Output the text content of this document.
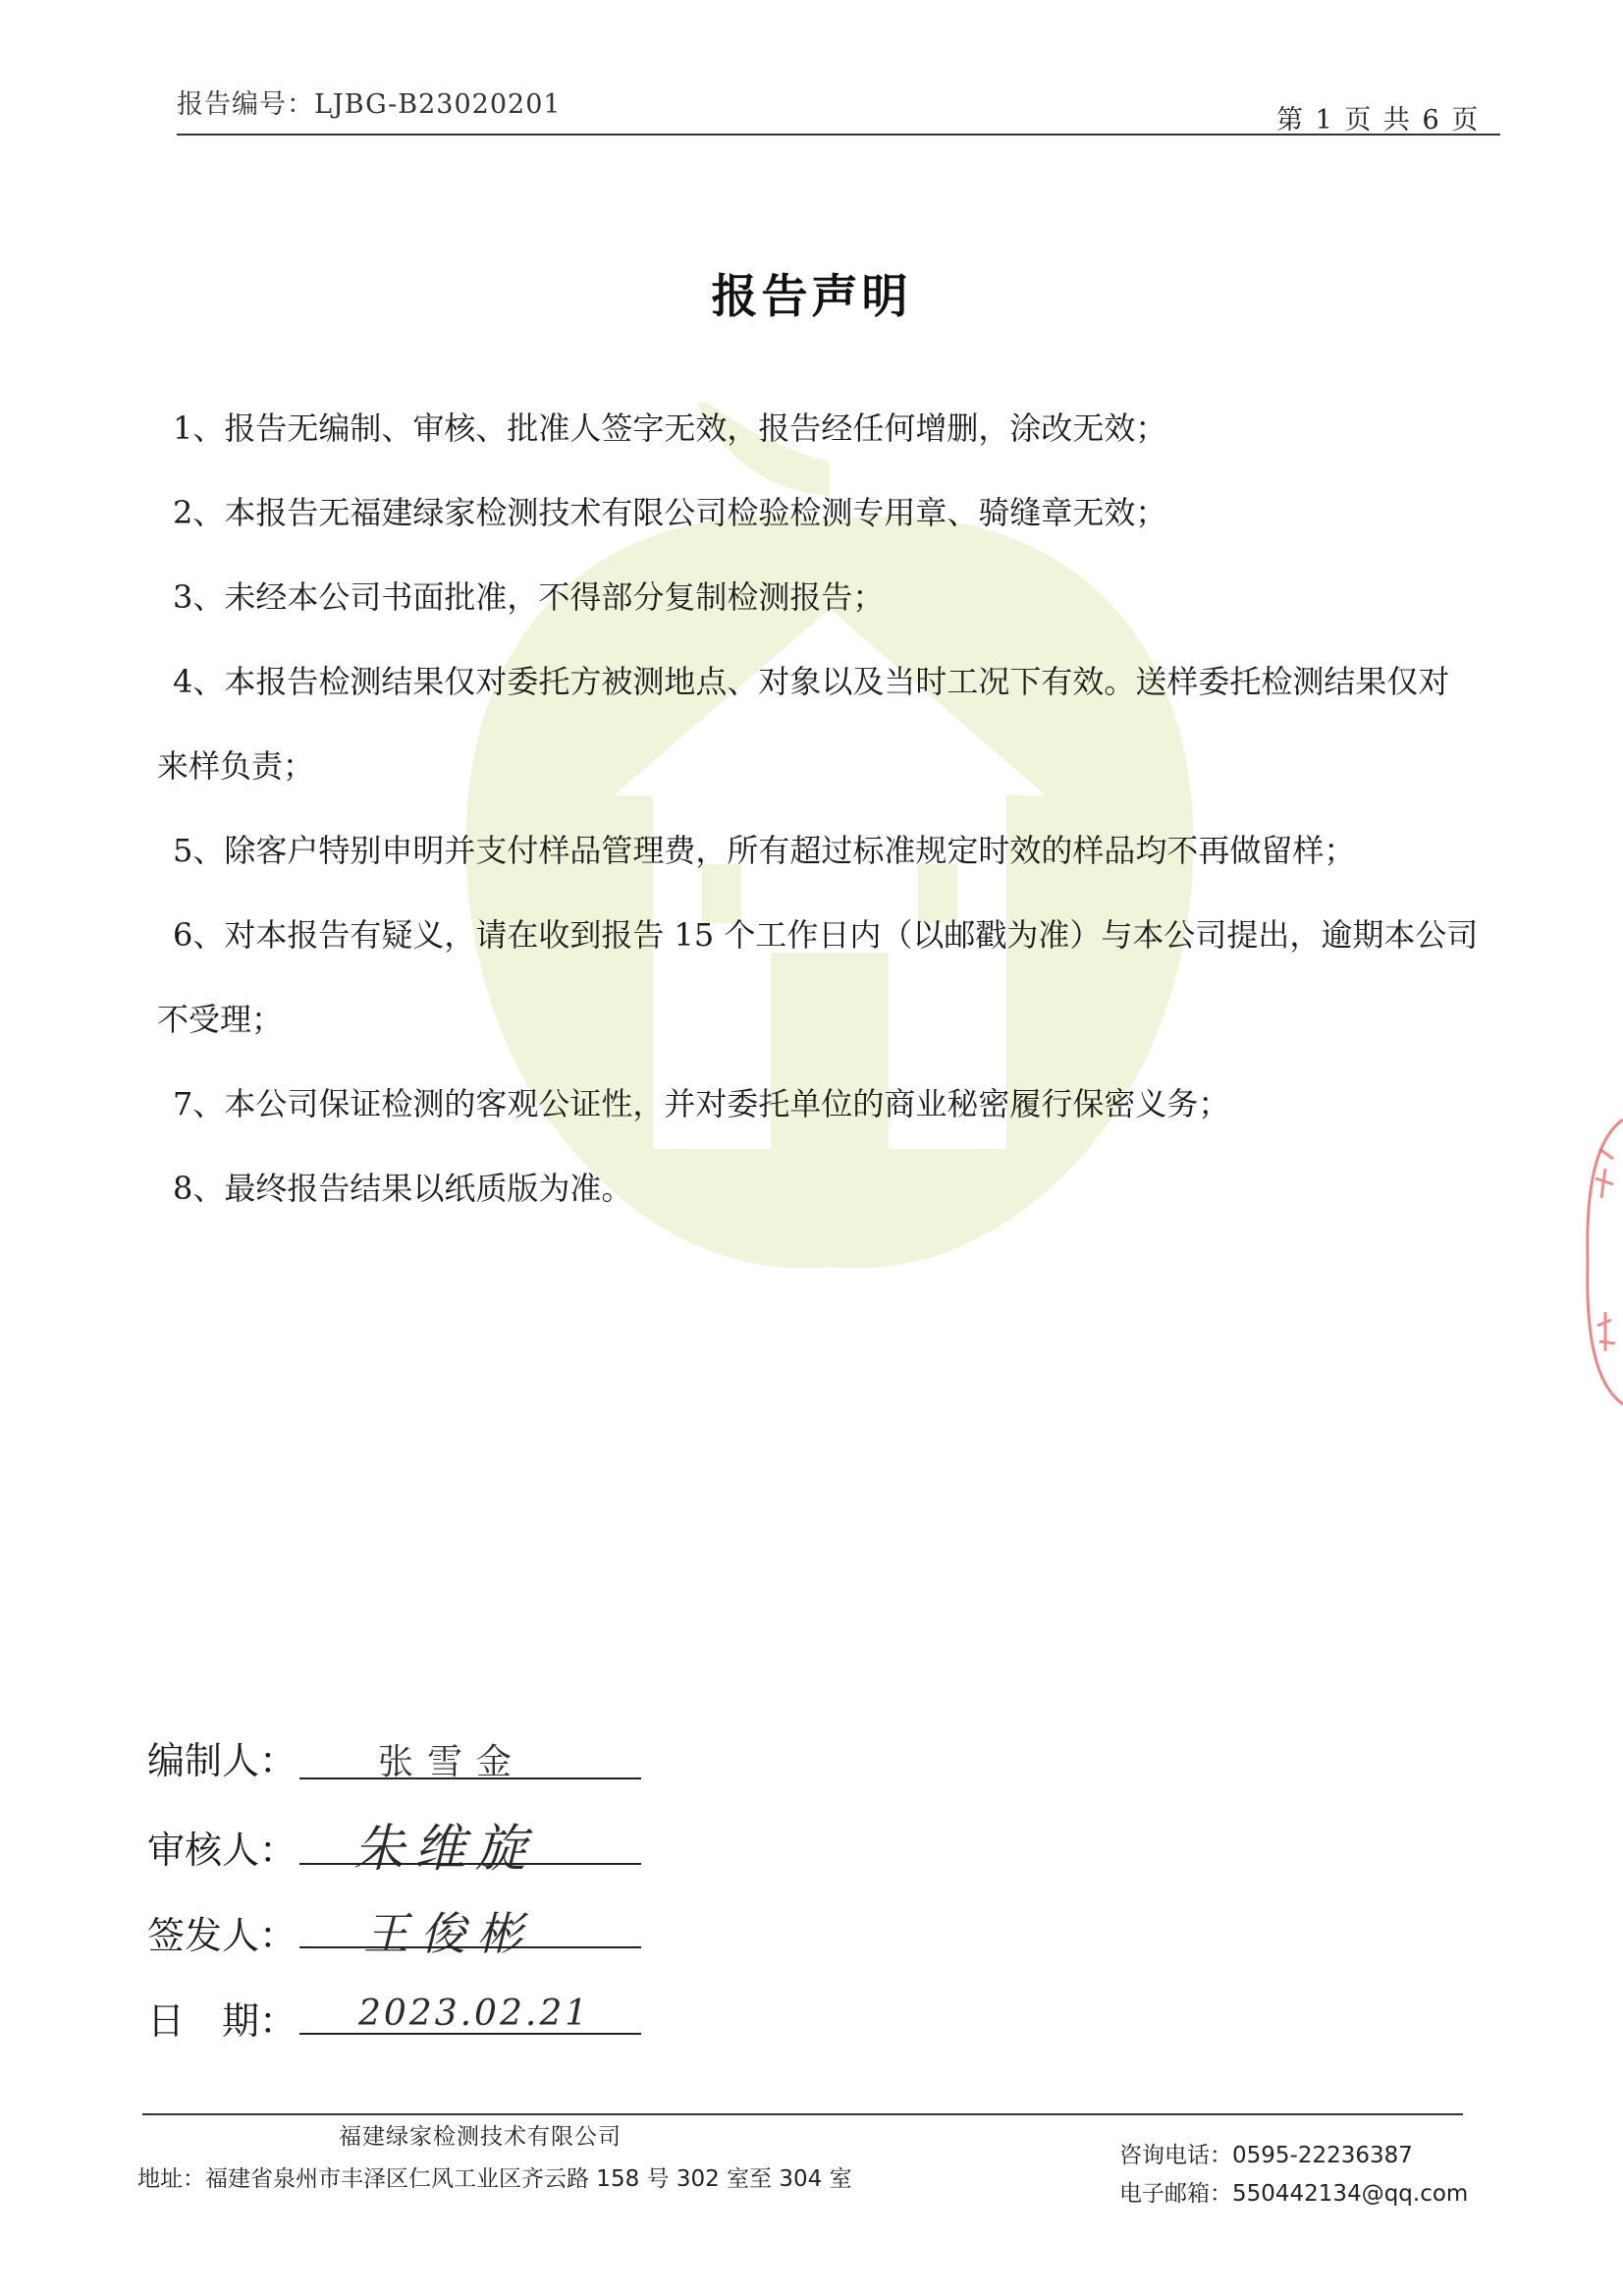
报告编号：LJBG-B23020201
第 1 页 共 6 页
报告声明

1、报告无编制、审核、批准人签字无效，报告经任何增删，涂改无效；

2、本报告无福建绿家检测技术有限公司检验检测专用章、骑缝章无效；

3、未经本公司书面批准，不得部分复制检测报告；

4、本报告检测结果仅对委托方被测地点、对象以及当时工况下有效。送样委托检测结果仅对

来样负责；

5、除客户特别申明并支付样品管理费，所有超过标准规定时效的样品均不再做留样；

6、对本报告有疑义，请在收到报告 15 个工作日内（以邮戳为准）与本公司提出，逾期本公司

不受理；

7、本公司保证检测的客观公证性，并对委托单位的商业秘密履行保密义务；

8、最终报告结果以纸质版为准。

编制人： 张雪金
审核人： 朱维旋
签发人： 王俊彬
日　期： 2023.02.21
福建绿家检测技术有限公司
地址：福建省泉州市丰泽区仁风工业区齐云路 158 号 302 室至 304 室
咨询电话：0595-22236387
电子邮箱：550442134@qq.com
